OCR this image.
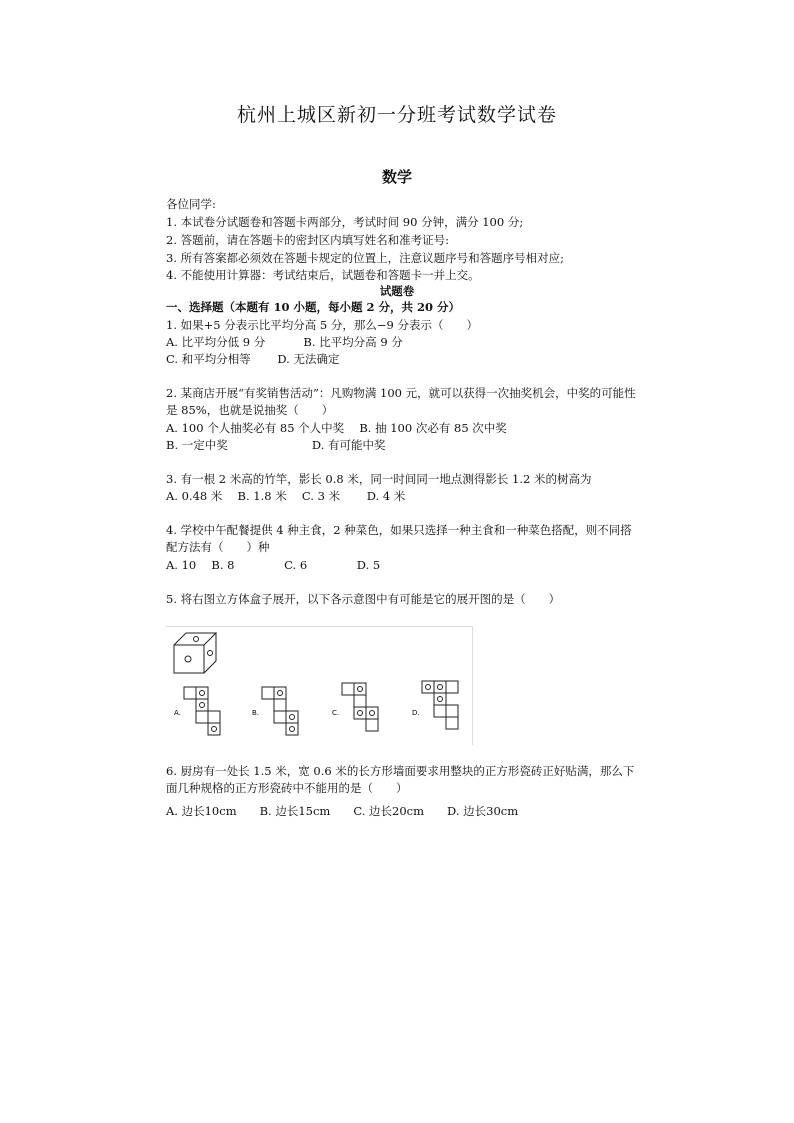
杭州上城区新初一分班考试数学试卷
数学
各位同学:
1. 本试卷分试题卷和答题卡两部分，考试时间 90 分钟，满分 100 分;
2. 答题前，请在答题卡的密封区内填写姓名和准考证号:
3. 所有答案都必须效在答题卡规定的位置上，注意议题序号和答题序号相对应;
4. 不能使用计算器：考试结束后，试题卷和答题卡一并上交。
试题卷
一、选择题（本题有 10 小题，每小题 2 分，共 20 分）
1. 如果+5 分表示比平均分高 5 分，那么−9 分表示（　　）
A. 比平均分低 9 分　　　 B. 比平均分高 9 分
C. 和平均分相等　　 D. 无法确定
2. 某商店开展“有奖销售活动”：凡购物满 100 元，就可以获得一次抽奖机会，中奖的可能性
是 85%，也就是说抽奖（　　）
A. 100 个人抽奖必有 85 个人中奖　 B. 抽 100 次必有 85 次中奖
B. 一定中奖　　　　　　　 D. 有可能中奖
3. 有一根 2 米高的竹竿，影长 0.8 米，同一时间同一地点测得影长 1.2 米的树高为
A. 0.48 米　 B. 1.8 米　 C. 3 米　　 D. 4 米
4. 学校中午配餐提供 4 种主食，2 种菜色，如果只选择一种主食和一种菜色搭配，则不同搭
配方法有（　　）种
A. 10　 B. 8　　　　 C. 6　　　　 D. 5
5. 将右图立方体盒子展开，以下各示意图中有可能是它的展开图的是（　　）
A.	B.	C.	D.
6. 厨房有一处长 1.5 米，宽 0.6 米的长方形墙面要求用整块的正方形瓷砖正好贴满，那么下
面几种规格的正方形瓷砖中不能用的是（　　）
A. 边长10cm　　B. 边长15cm　　C. 边长20cm　　D. 边长30cm
